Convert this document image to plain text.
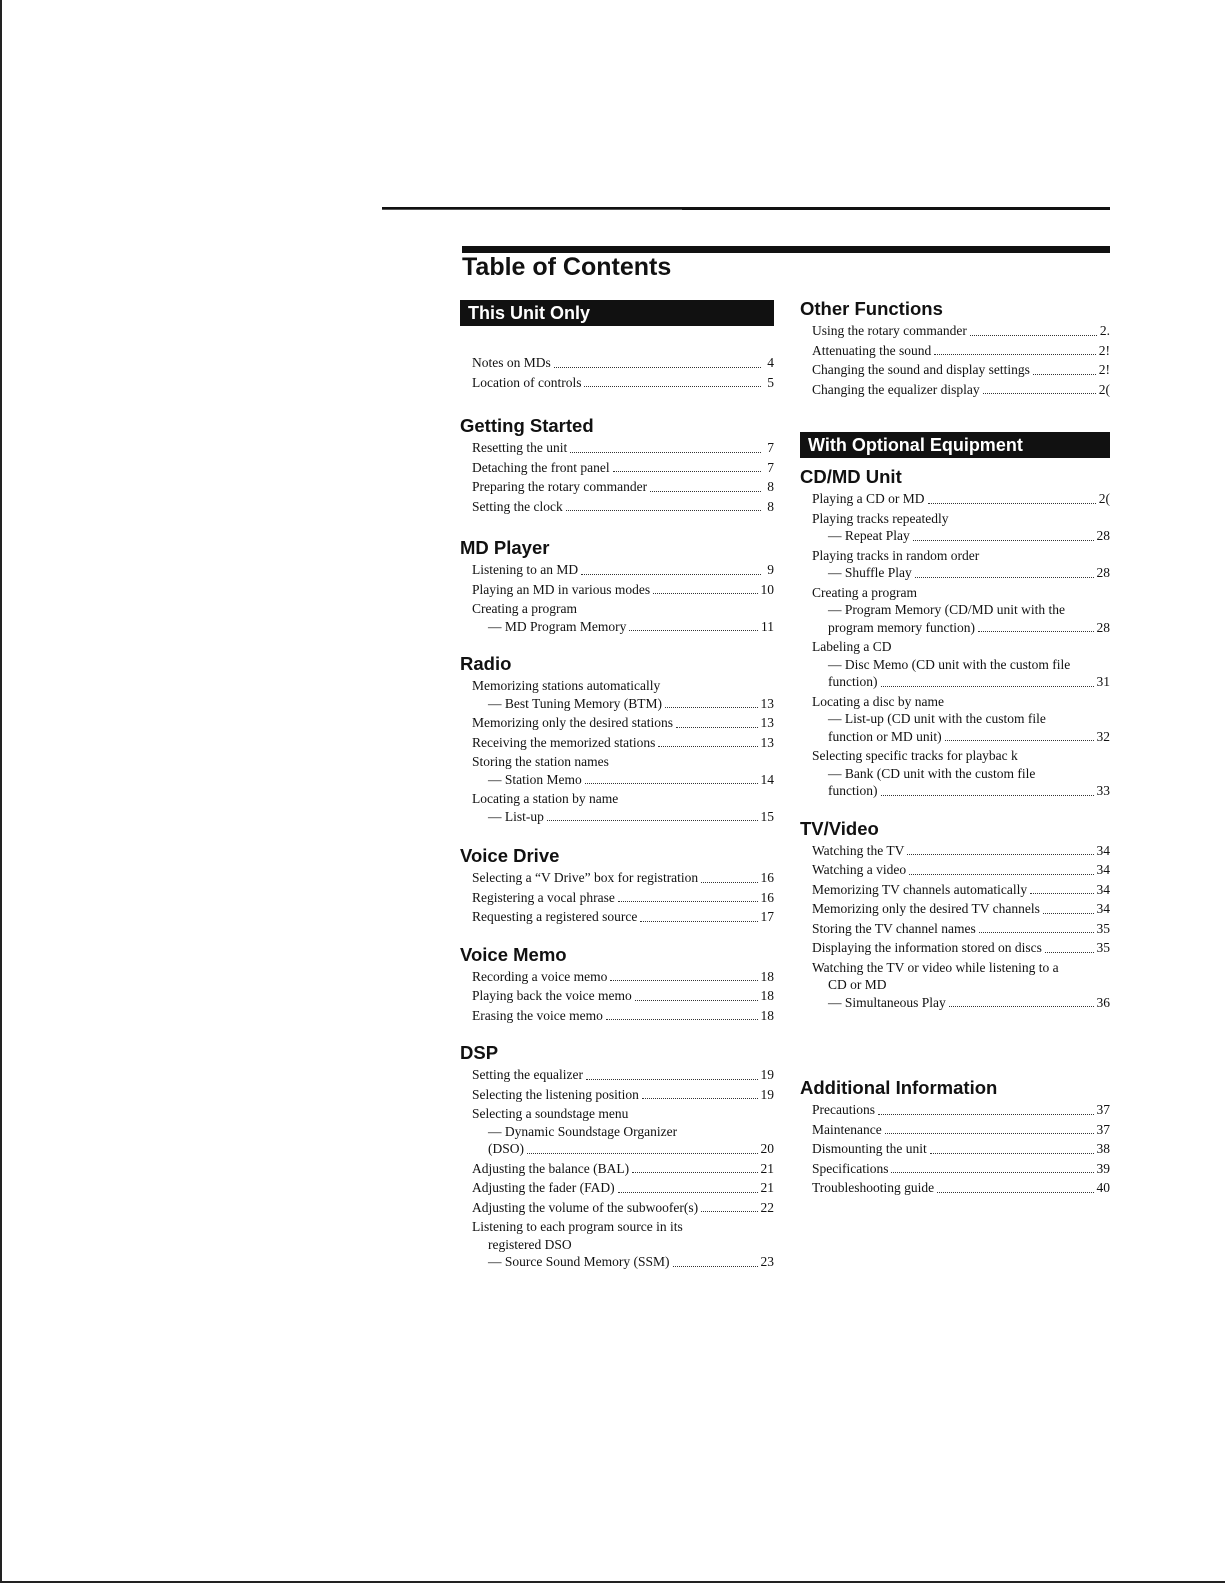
Table of Contents
This Unit Only
Notes on MDs	4
Location of controls	5
Getting Started
Resetting the unit	7
Detaching the front panel	7
Preparing the rotary commander	8
Setting the clock	8
MD Player
Listening to an MD	9
Playing an MD in various modes	10
Creating a program
— MD Program Memory	11
Radio
Memorizing stations automatically
— Best Tuning Memory (BTM)	13
Memorizing only the desired stations	13
Receiving the memorized stations	13
Storing the station names
— Station Memo	14
Locating a station by name
— List-up	15
Voice Drive
Selecting a “V Drive” box for registration	16
Registering a vocal phrase	16
Requesting a registered source	17
Voice Memo
Recording a voice memo	18
Playing back the voice memo	18
Erasing the voice memo	18
DSP
Setting the equalizer	19
Selecting the listening position	19
Selecting a soundstage menu
— Dynamic Soundstage Organizer
(DSO)	20
Adjusting the balance (BAL)	21
Adjusting the fader (FAD)	21
Adjusting the volume of the subwoofer(s)	22
Listening to each program source in its
registered DSO
— Source Sound Memory (SSM)	23
Other Functions
Using the rotary commander	2.
Attenuating the sound	2!
Changing the sound and display settings	2!
Changing the equalizer display	2(
With Optional Equipment
CD/MD Unit
Playing a CD or MD	2(
Playing tracks repeatedly
— Repeat Play	28
Playing tracks in random order
— Shuffle Play	28
Creating a program
— Program Memory (CD/MD unit with the
program memory function)	28
Labeling a CD
— Disc Memo (CD unit with the custom file
function)	31
Locating a disc by name
— List-up (CD unit with the custom file
function or MD unit)	32
Selecting specific tracks for playbac k
— Bank (CD unit with the custom file
function)	33
TV/Video
Watching the TV	34
Watching a video	34
Memorizing TV channels automatically	34
Memorizing only the desired TV channels	34
Storing the TV channel names	35
Displaying the information stored on discs	35
Watching the TV or video while listening to a
CD or MD
— Simultaneous Play	36
Additional Information
Precautions	37
Maintenance	37
Dismounting the unit	38
Specifications	39
Troubleshooting guide	40
